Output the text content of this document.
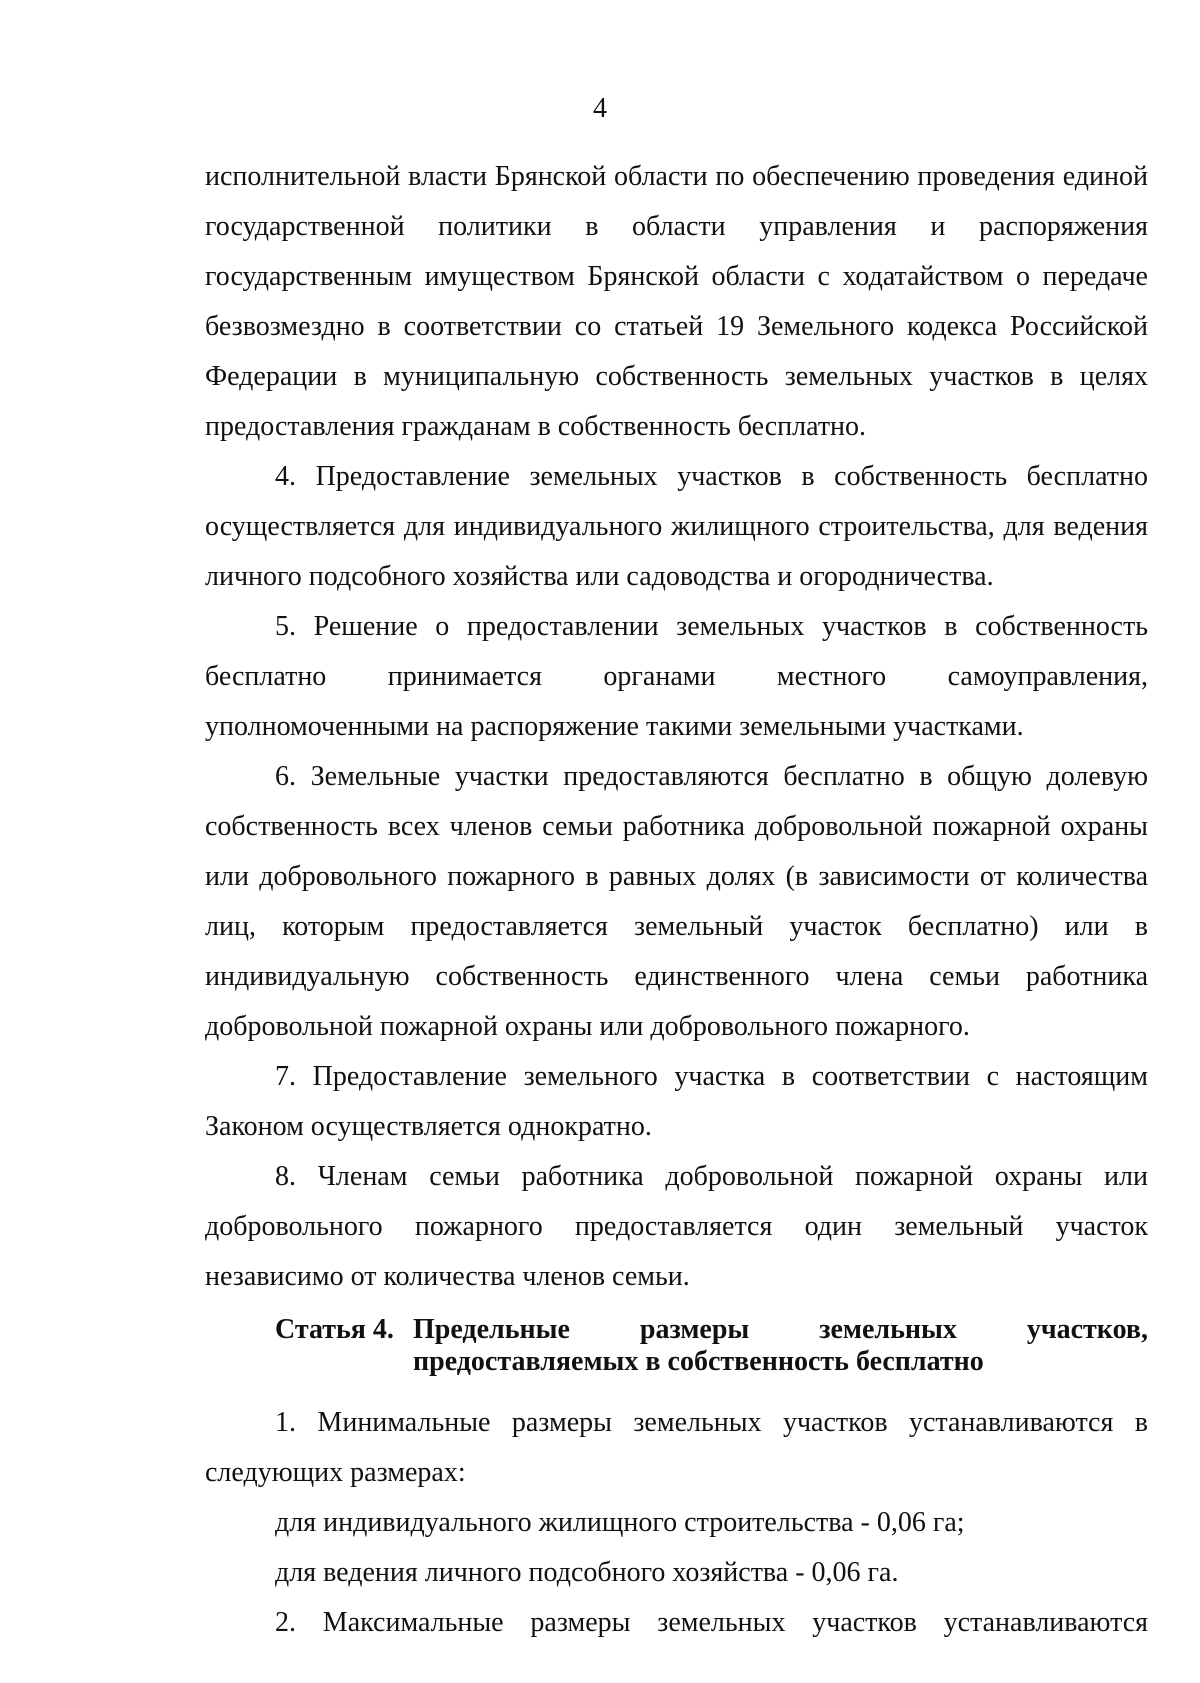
4

исполнительной власти Брянской области по обеспечению проведения единой государственной политики в области управления и распоряжения государственным имуществом Брянской области с ходатайством о передаче безвозмездно в соответствии со статьей 19 Земельного кодекса Российской Федерации в муниципальную собственность земельных участков в целях предоставления гражданам в собственность бесплатно.

4. Предоставление земельных участков в собственность бесплатно осуществляется для индивидуального жилищного строительства, для ведения личного подсобного хозяйства или садоводства и огородничества.

5. Решение о предоставлении земельных участков в собственность бесплатно принимается органами местного самоуправления, уполномоченными на распоряжение такими земельными участками.

6. Земельные участки предоставляются бесплатно в общую долевую собственность всех членов семьи работника добровольной пожарной охраны или добровольного пожарного в равных долях (в зависимости от количества лиц, которым предоставляется земельный участок бесплатно) или в индивидуальную собственность единственного члена семьи работника добровольной пожарной охраны или добровольного пожарного.

7. Предоставление земельного участка в соответствии с настоящим Законом осуществляется однократно.

8. Членам семьи работника добровольной пожарной охраны или добровольного пожарного предоставляется один земельный участок независимо от количества членов семьи.

Статья 4. Предельные размеры земельных участков,
предоставляемых в собственность бесплатно

1. Минимальные размеры земельных участков устанавливаются в следующих размерах:

для индивидуального жилищного строительства - 0,06 га;

для ведения личного подсобного хозяйства - 0,06 га.

2. Максимальные размеры земельных участков устанавливаются
